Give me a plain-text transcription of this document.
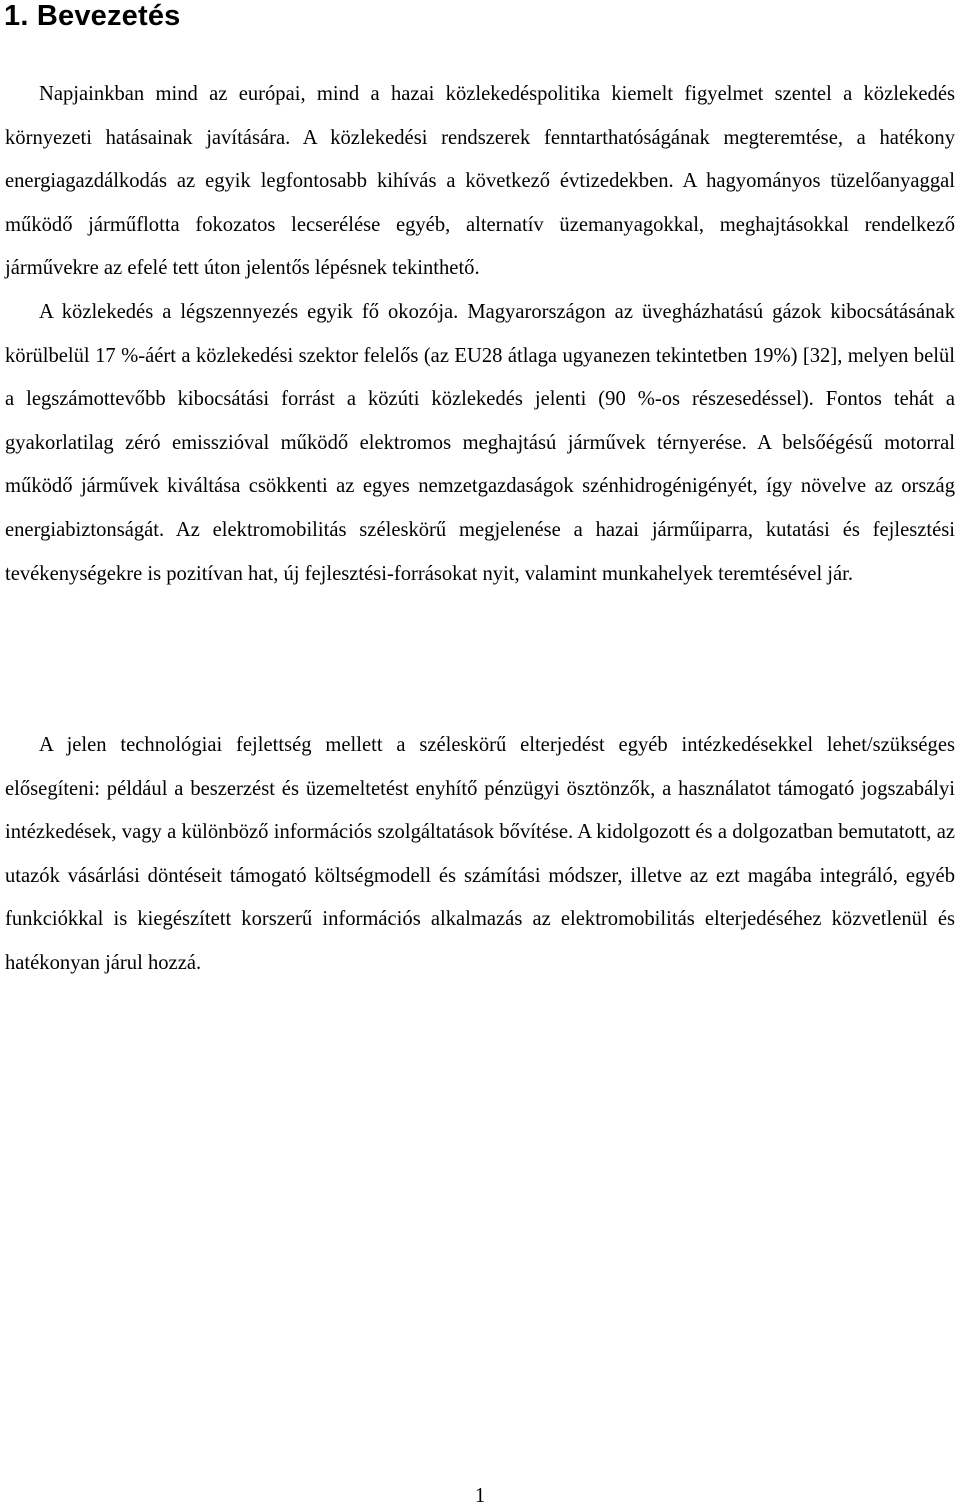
1. Bevezetés

Napjainkban mind az európai, mind a hazai közlekedéspolitika kiemelt figyelmet szentel a közlekedés környezeti hatásainak javítására. A közlekedési rendszerek fenntarthatóságának megteremtése, a hatékony energiagazdálkodás az egyik legfontosabb kihívás a következő évtizedekben. A hagyományos tüzelőanyaggal működő járműflotta fokozatos lecserélése egyéb, alternatív üzemanyagokkal, meghajtásokkal rendelkező járművekre az efelé tett úton jelentős lépésnek tekinthető.

A közlekedés a légszennyezés egyik fő okozója. Magyarországon az üvegházhatású gázok kibocsátásának körülbelül 17 %-áért a közlekedési szektor felelős (az EU28 átlaga ugyanezen tekintetben 19%) [32], melyen belül a legszámottevőbb kibocsátási forrást a közúti közlekedés jelenti (90 %-os részesedéssel). Fontos tehát a gyakorlatilag zéró emisszióval működő elektromos meghajtású járművek térnyerése. A belsőégésű motorral működő járművek kiváltása csökkenti az egyes nemzetgazdaságok szénhidrogénigényét, így növelve az ország energiabiztonságát. Az elektromobilitás széleskörű megjelenése a hazai járműiparra, kutatási és fejlesztési tevékenységekre is pozitívan hat, új fejlesztési-forrásokat nyit, valamint munkahelyek teremtésével jár.

A jelen technológiai fejlettség mellett a széleskörű elterjedést egyéb intézkedésekkel lehet/szükséges elősegíteni: például a beszerzést és üzemeltetést enyhítő pénzügyi ösztönzők, a használatot támogató jogszabályi intézkedések, vagy a különböző információs szolgáltatások bővítése. A kidolgozott és a dolgozatban bemutatott, az utazók vásárlási döntéseit támogató költségmodell és számítási módszer, illetve az ezt magába integráló, egyéb funkciókkal is kiegészített korszerű információs alkalmazás az elektromobilitás elterjedéséhez közvetlenül és hatékonyan járul hozzá.

1
